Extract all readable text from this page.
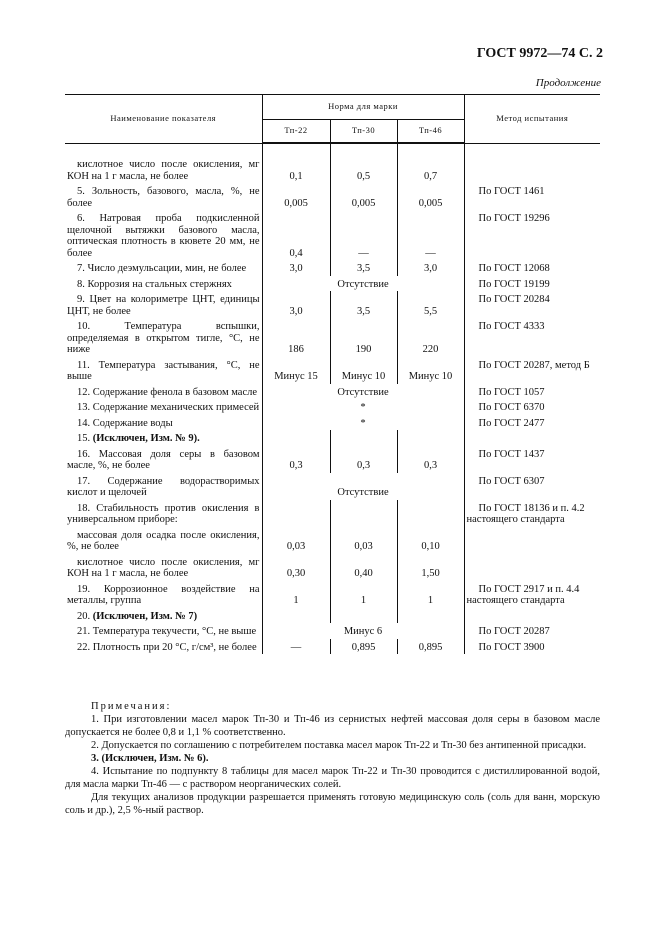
ГОСТ 9972—74 С. 2
Продолжение
Наименование показателя	Норма для марки			Метод испытания
	Тп-22	Тп-30	Тп-46	

кислотное число после окисления, мг КОН на 1 г масла, не более	0,1	0,5	0,7	
5. Зольность, базового, масла, %, не более	0,005	0,005	0,005	По ГОСТ 1461
6. Натровая проба подкисленной щелочной вытяжки базового масла, оптическая плотность в кювете 20 мм, не более	0,4	—	—	По ГОСТ 19296
7. Число деэмульсации, мин, не более	3,0	3,5	3,0	По ГОСТ 12068
8. Коррозия на стальных стержнях	Отсутствие			По ГОСТ 19199
9. Цвет на колориметре ЦНТ, единицы ЦНТ, не более	3,0	3,5	5,5	По ГОСТ 20284
10. Температура вспышки, определяемая в открытом тигле, °С, не ниже	186	190	220	По ГОСТ 4333
11. Температура застывания, °С, не выше	Минус 15	Минус 10	Минус 10	По ГОСТ 20287, метод Б
12. Содержание фенола в базовом масле	Отсутствие			По ГОСТ 1057
13. Содержание механических примесей	*			По ГОСТ 6370
14. Содержание воды	*			По ГОСТ 2477
15. (Исключен, Изм. № 9).				
16. Массовая доля серы в базовом масле, %, не более	0,3	0,3	0,3	По ГОСТ 1437
17. Содержание водорастворимых кислот и щелочей	Отсутствие			По ГОСТ 6307
18. Стабильность против окисления в универсальном приборе:				По ГОСТ 18136 и п. 4.2 настоящего стандарта
массовая доля осадка после окисления, %, не более	0,03	0,03	0,10	
кислотное число после окисления, мг КОН на 1 г масла, не более	0,30	0,40	1,50	
19. Коррозионное воздействие на металлы, группа	1	1	1	По ГОСТ 2917 и п. 4.4 настоящего стандарта
20. (Исключен, Изм. № 7)				
21. Температура текучести, °С, не выше	Минус 6			По ГОСТ 20287
22. Плотность при 20 °С, г/см³, не более	—	0,895	0,895	По ГОСТ 3900

Примечания:

1. При изготовлении масел марок Тп-30 и Тп-46 из сернистых нефтей массовая доля серы в базовом масле допускается не более 0,8 и 1,1 % соответственно.

2. Допускается по соглашению с потребителем поставка масел марок Тп-22 и Тп-30 без антипенной присадки.

3. (Исключен, Изм. № 6).

4. Испытание по подпункту 8 таблицы для масел марок Тп-22 и Тп-30 проводится с дистиллированной водой, для масла марки Тп-46 — с раствором неорганических солей.

Для текущих анализов продукции разрешается применять готовую медицинскую соль (соль для ванн, морскую соль и др.), 2,5 %-ный раствор.
